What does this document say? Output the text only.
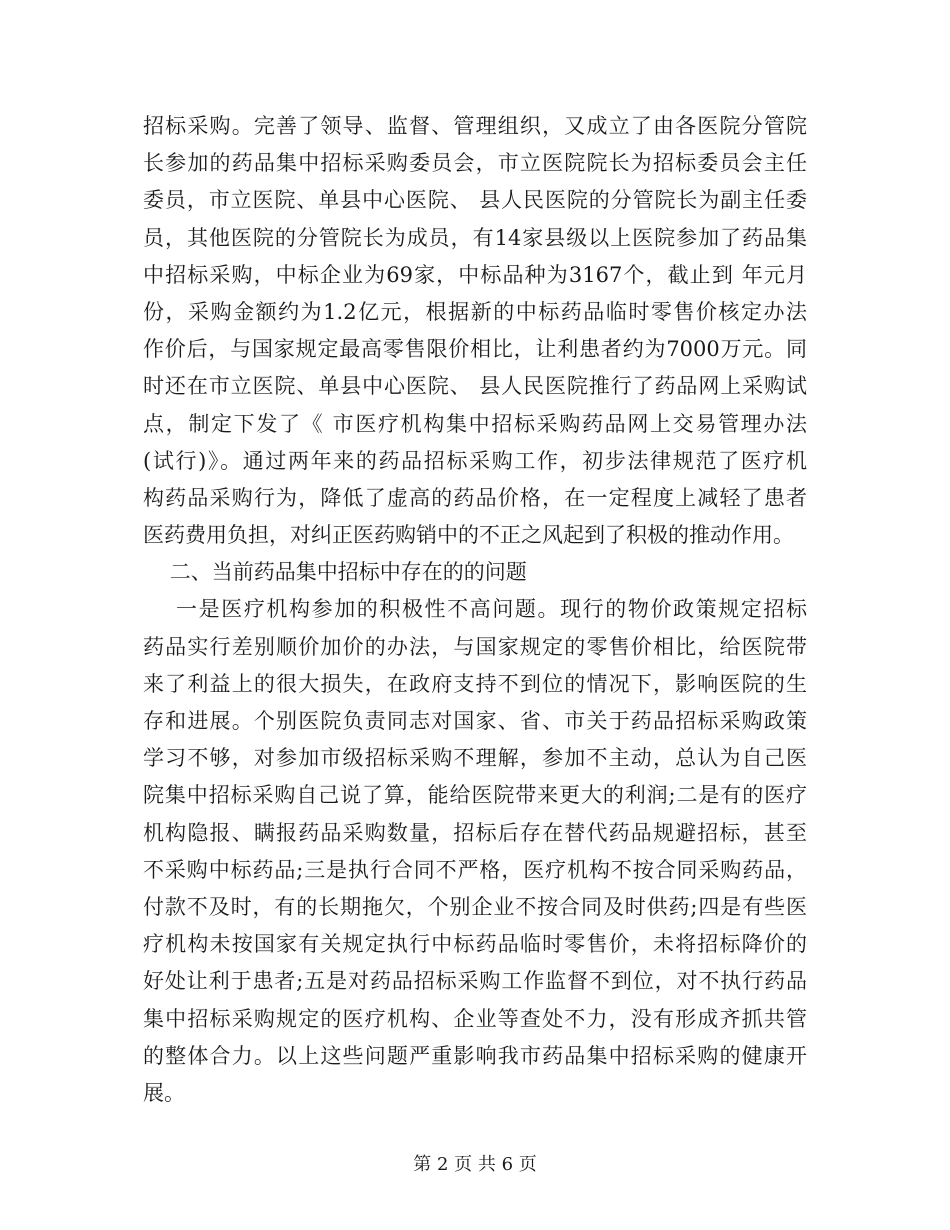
招标采购。完善了领导、监督、管理组织，又成立了由各医院分管院
长参加的药品集中招标采购委员会，市立医院院长为招标委员会主任
委员，市立医院、单县中心医院、 县人民医院的分管院长为副主任委
员，其他医院的分管院长为成员，有14家县级以上医院参加了药品集
中招标采购，中标企业为69家，中标品种为3167个，截止到 年元月
份，采购金额约为1.2亿元，根据新的中标药品临时零售价核定办法
作价后，与国家规定最高零售限价相比，让利患者约为7000万元。同
时还在市立医院、单县中心医院、 县人民医院推行了药品网上采购试
点，制定下发了《 市医疗机构集中招标采购药品网上交易管理办法
(试行)》。通过两年来的药品招标采购工作，初步法律规范了医疗机
构药品采购行为，降低了虚高的药品价格，在一定程度上减轻了患者
医药费用负担，对纠正医药购销中的不正之风起到了积极的推动作用。
二、当前药品集中招标中存在的的问题
一是医疗机构参加的积极性不高问题。现行的物价政策规定招标
药品实行差别顺价加价的办法，与国家规定的零售价相比，给医院带
来了利益上的很大损失，在政府支持不到位的情况下，影响医院的生
存和进展。个别医院负责同志对国家、省、市关于药品招标采购政策
学习不够，对参加市级招标采购不理解，参加不主动，总认为自己医
院集中招标采购自己说了算，能给医院带来更大的利润;二是有的医疗
机构隐报、瞒报药品采购数量，招标后存在替代药品规避招标，甚至
不采购中标药品;三是执行合同不严格，医疗机构不按合同采购药品，
付款不及时，有的长期拖欠，个别企业不按合同及时供药;四是有些医
疗机构未按国家有关规定执行中标药品临时零售价，未将招标降价的
好处让利于患者;五是对药品招标采购工作监督不到位，对不执行药品
集中招标采购规定的医疗机构、企业等查处不力，没有形成齐抓共管
的整体合力。以上这些问题严重影响我市药品集中招标采购的健康开
展。
第 2 页 共 6 页
